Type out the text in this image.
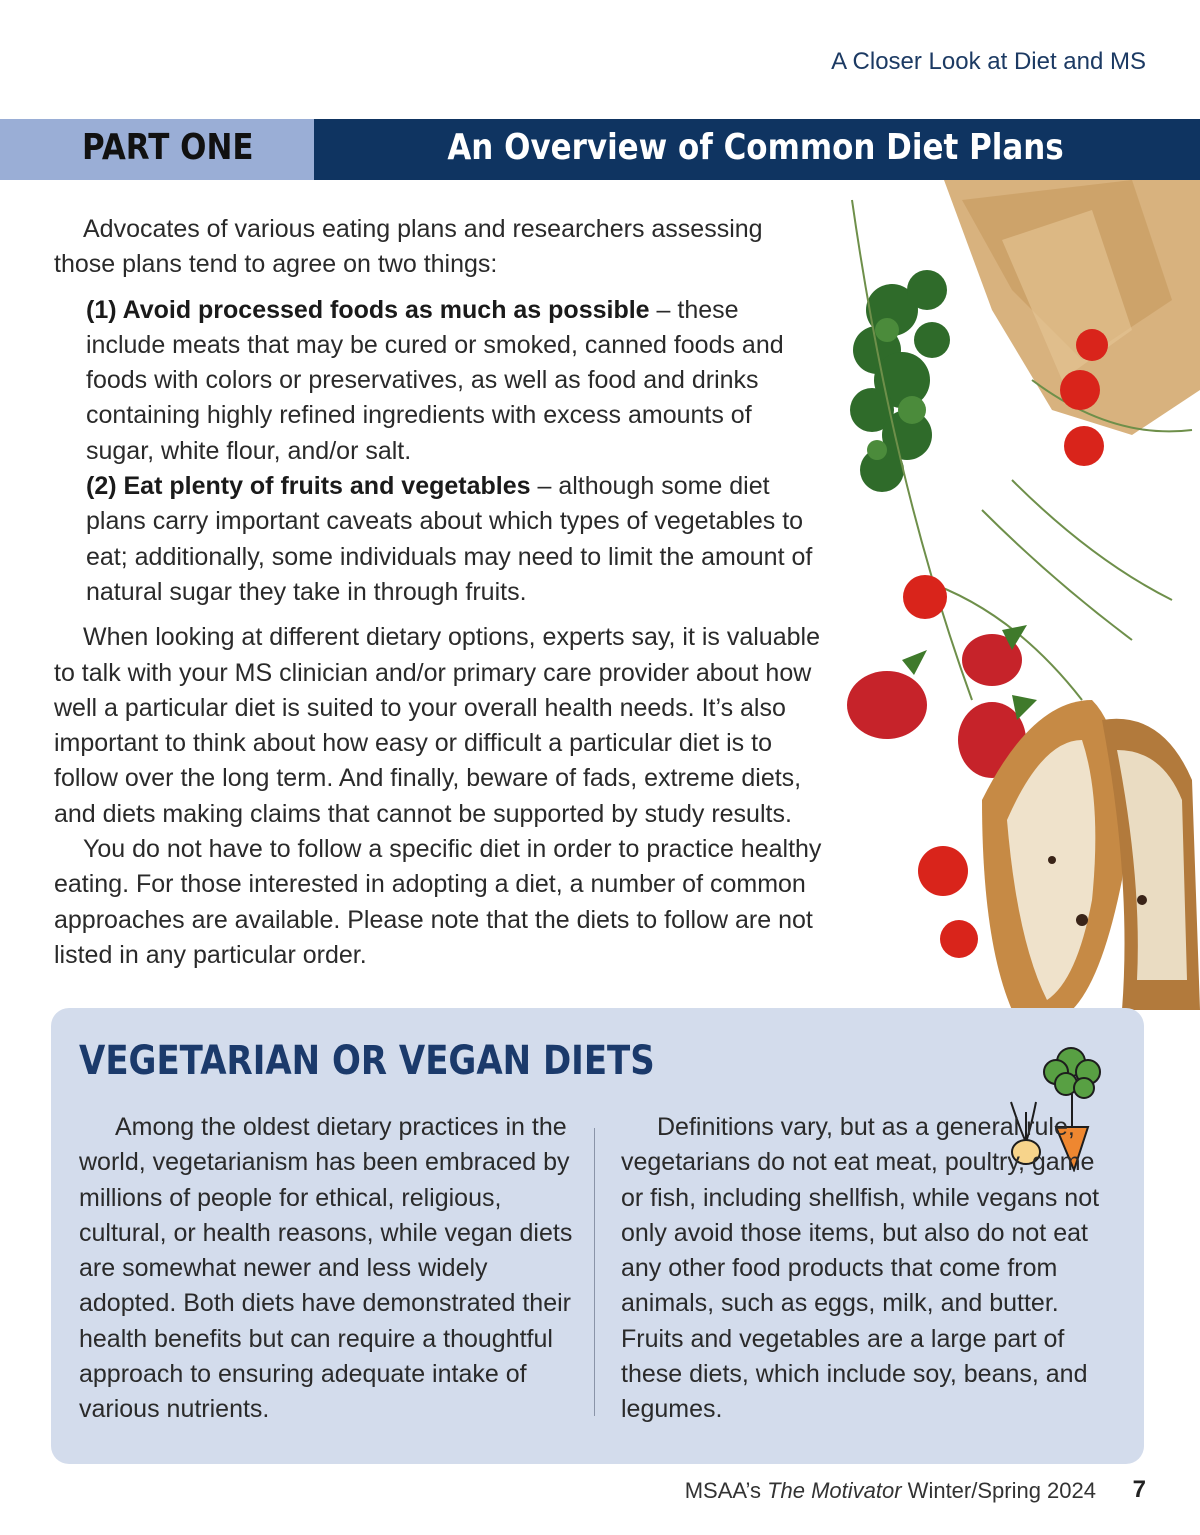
A Closer Look at Diet and MS
PART ONE	An Overview of Common Diet Plans

Advocates of various eating plans and researchers assessing those plans tend to agree on two things:

(1) Avoid processed foods as much as possible – these include meats that may be cured or smoked, canned foods and foods with colors or preservatives, as well as food and drinks containing highly refined ingredients with excess amounts of sugar, white flour, and/or salt.

(2) Eat plenty of fruits and vegetables – although some diet plans carry important caveats about which types of vegetables to eat; additionally, some individuals may need to limit the amount of natural sugar they take in through fruits.

When looking at different dietary options, experts say, it is valuable to talk with your MS clinician and/or primary care provider about how well a particular diet is suited to your overall health needs. It’s also important to think about how easy or difficult a particular diet is to follow over the long term. And finally, beware of fads, extreme diets, and diets making claims that cannot be supported by study results.

You do not have to follow a specific diet in order to practice healthy eating. For those interested in adopting a diet, a number of common approaches are available. Please note that the diets to follow are not listed in any particular order.

VEGETARIAN OR VEGAN DIETS

Among the oldest dietary practices in the world, vegetarianism has been embraced by millions of people for ethical, religious, cultural, or health reasons, while vegan diets are somewhat newer and less widely adopted. Both diets have demonstrated their health benefits but can require a thoughtful approach to ensuring adequate intake of various nutrients.

Definitions vary, but as a general rule, vegetarians do not eat meat, poultry, game or fish, including shellfish, while vegans not only avoid those items, but also do not eat any other food products that come from animals, such as eggs, milk, and butter. Fruits and vegetables are a large part of these diets, which include soy, beans, and legumes.

MSAA’s The Motivator Winter/Spring 2024 7
